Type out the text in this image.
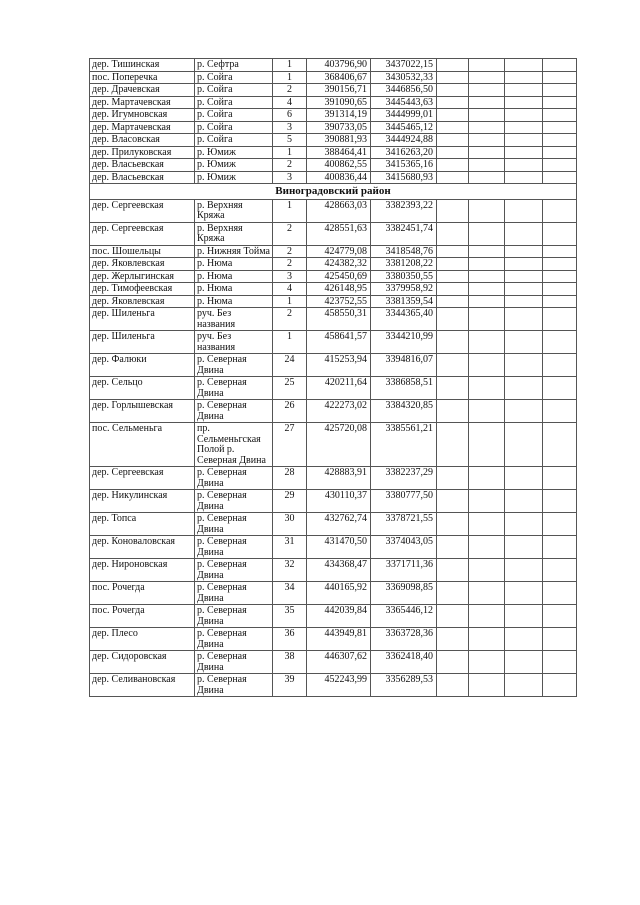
дер. Тишинская	р. Сефтра	1	403796,90	3437022,15				
пос. Поперечка	р. Сойга	1	368406,67	3430532,33				
дер. Драчевская	р. Сойга	2	390156,71	3446856,50				
дер. Мартачевская	р. Сойга	4	391090,65	3445443,63				
дер. Игумновская	р. Сойга	6	391314,19	3444999,01				
дер. Мартачевская	р. Сойга	3	390733,05	3445465,12				
дер. Власовская	р. Сойга	5	390881,93	3444924,88				
дер. Прилуковская	р. Юмиж	1	388464,41	3416263,20				
дер. Власьевская	р. Юмиж	2	400862,55	3415365,16				
дер. Власьевская	р. Юмиж	3	400836,44	3415680,93				
Виноградовский район								
дер. Сергеевская	р. Верхняя Кряжа	1	428663,03	3382393,22				
дер. Сергеевская	р. Верхняя Кряжа	2	428551,63	3382451,74				
пос. Шошельцы	р. Нижняя Тойма	2	424779,08	3418548,76				
дер. Яковлевская	р. Нюма	2	424382,32	3381208,22				
дер. Жерлыгинская	р. Нюма	3	425450,69	3380350,55				
дер. Тимофеевская	р. Нюма	4	426148,95	3379958,92				
дер. Яковлевская	р. Нюма	1	423752,55	3381359,54				
дер. Шиленьга	руч. Без названия	2	458550,31	3344365,40				
дер. Шиленьга	руч. Без названия	1	458641,57	3344210,99				
дер. Фалюки	р. Северная Двина	24	415253,94	3394816,07				
дер. Сельцо	р. Северная Двина	25	420211,64	3386858,51				
дер. Горлышевская	р. Северная Двина	26	422273,02	3384320,85				
пос. Сельменьга	пр. Сельменьгская Полой р. Северная Двина	27	425720,08	3385561,21				
дер. Сергеевская	р. Северная Двина	28	428883,91	3382237,29				
дер. Никулинская	р. Северная Двина	29	430110,37	3380777,50				
дер. Топса	р. Северная Двина	30	432762,74	3378721,55				
дер. Коноваловская	р. Северная Двина	31	431470,50	3374043,05				
дер. Нироновская	р. Северная Двина	32	434368,47	3371711,36				
пос. Рочегда	р. Северная Двина	34	440165,92	3369098,85				
пос. Рочегда	р. Северная Двина	35	442039,84	3365446,12				
дер. Плесо	р. Северная Двина	36	443949,81	3363728,36				
дер. Сидоровская	р. Северная Двина	38	446307,62	3362418,40				
дер. Селивановская	р. Северная Двина	39	452243,99	3356289,53				
